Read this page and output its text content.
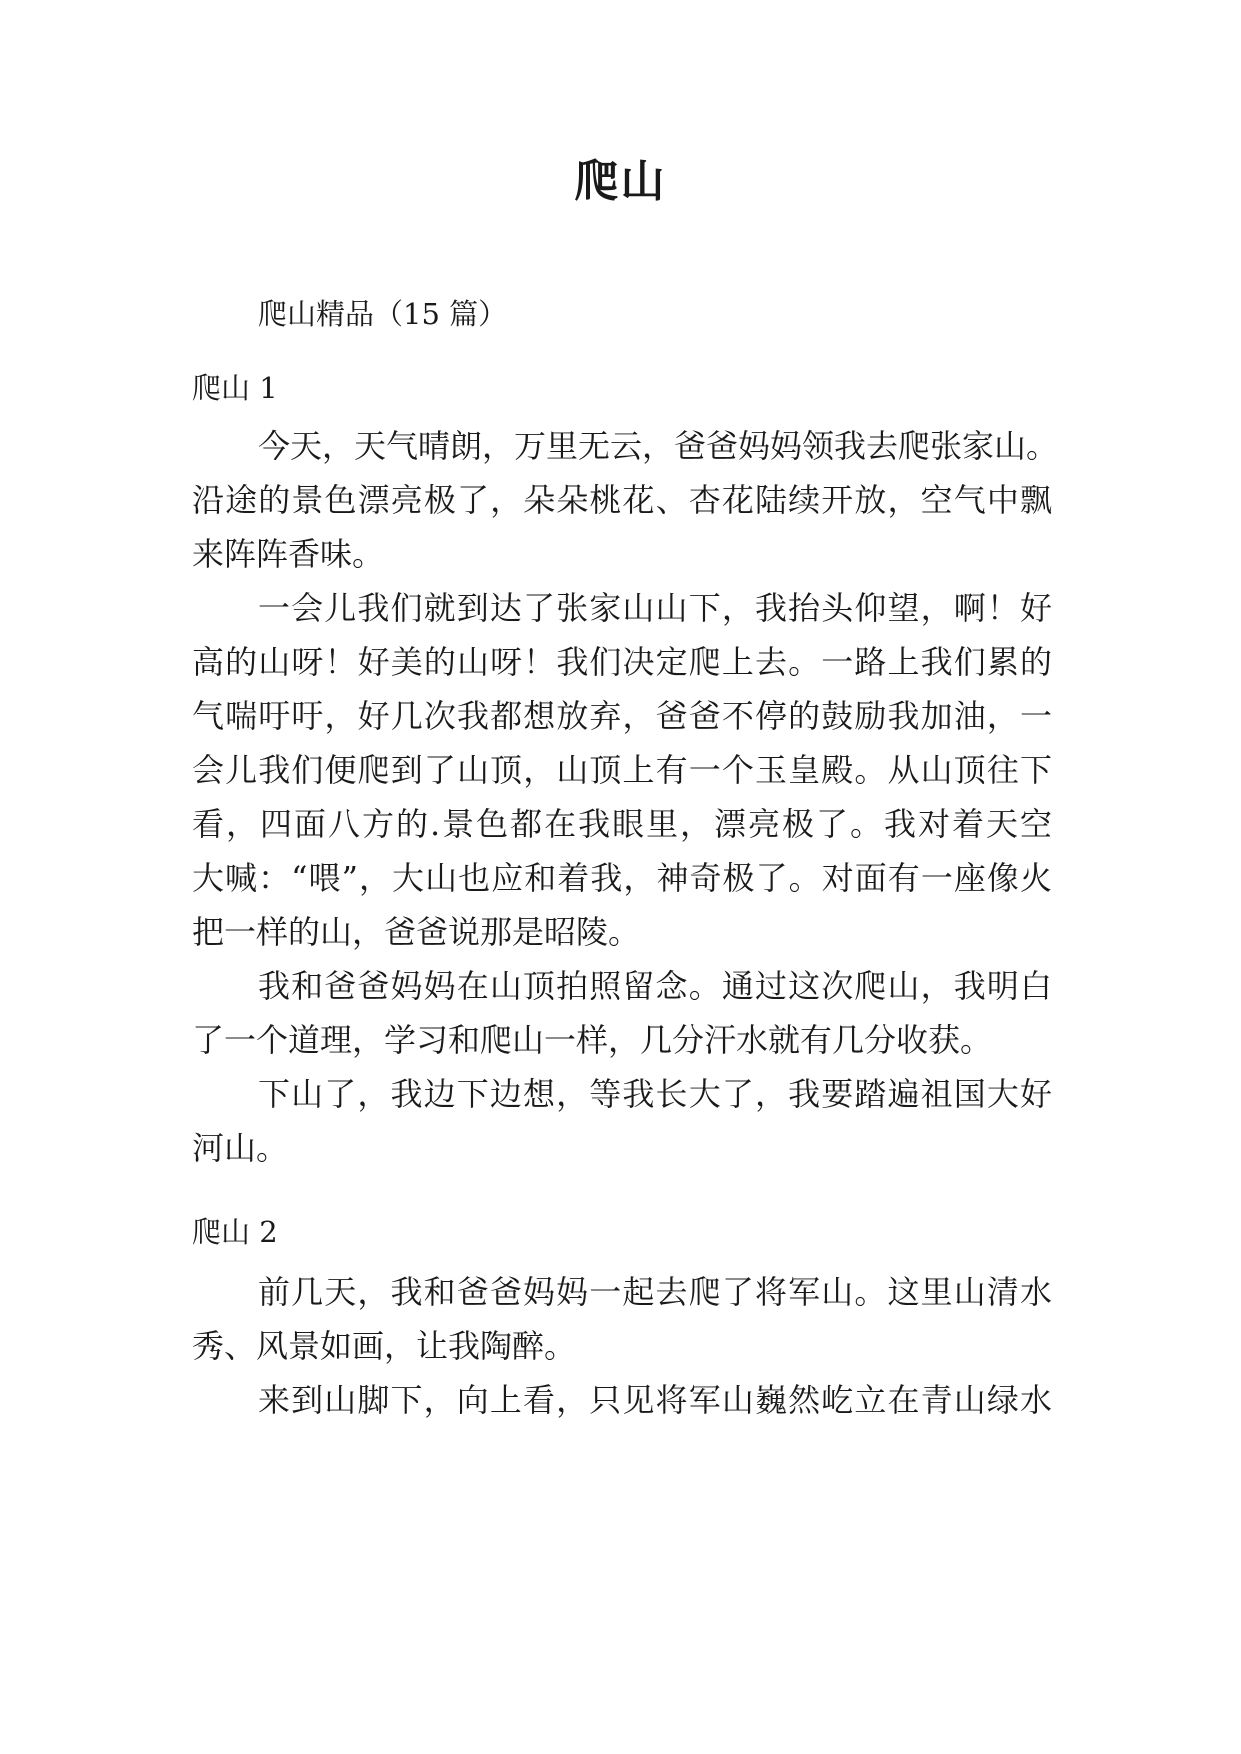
爬山
爬山精品（15 篇）
爬山 1
今天，天气晴朗，万里无云，爸爸妈妈领我去爬张家山。
沿途的景色漂亮极了，朵朵桃花、杏花陆续开放，空气中飘
来阵阵香味。
一会儿我们就到达了张家山山下，我抬头仰望，啊！好
高的山呀！好美的山呀！我们决定爬上去。一路上我们累的
气喘吁吁，好几次我都想放弃，爸爸不停的鼓励我加油，一
会儿我们便爬到了山顶，山顶上有一个玉皇殿。从山顶往下
看，四面八方的.景色都在我眼里，漂亮极了。我对着天空
大喊：“喂”，大山也应和着我，神奇极了。对面有一座像火
把一样的山，爸爸说那是昭陵。
我和爸爸妈妈在山顶拍照留念。通过这次爬山，我明白
了一个道理，学习和爬山一样，几分汗水就有几分收获。
下山了，我边下边想，等我长大了，我要踏遍祖国大好
河山。
爬山 2
前几天，我和爸爸妈妈一起去爬了将军山。这里山清水
秀、风景如画，让我陶醉。
来到山脚下，向上看，只见将军山巍然屹立在青山绿水
